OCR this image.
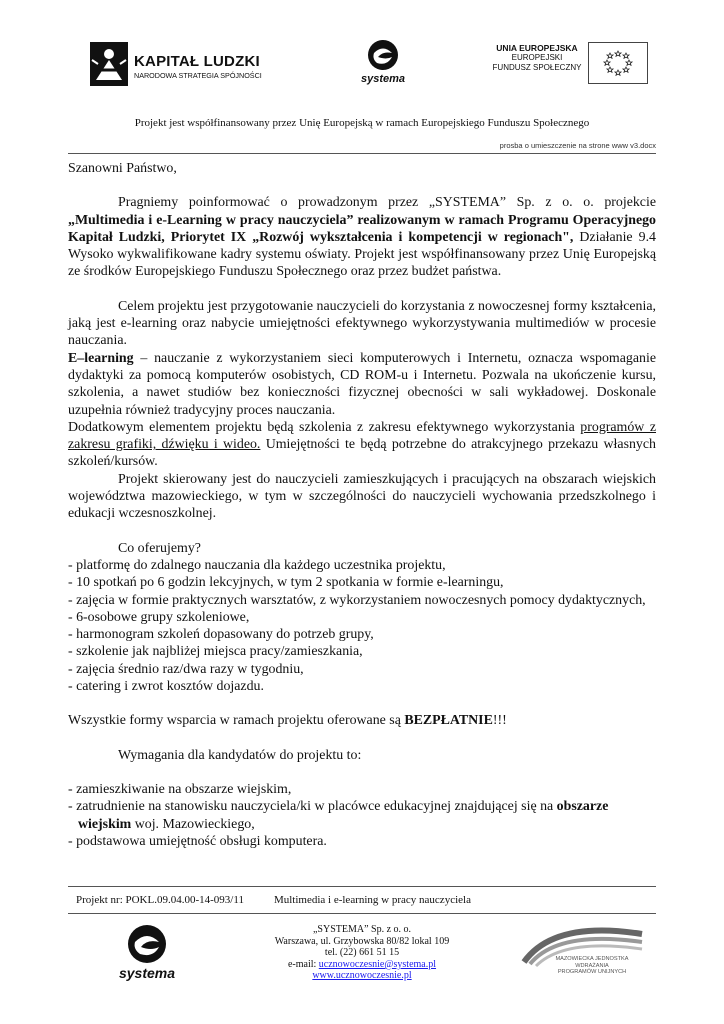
KAPITAŁ LUDZKI
NARODOWA STRATEGIA SPÓJNOŚCI	systema
UNIA EUROPEJSKA
EUROPEJSKI
FUNDUSZ SPOŁECZNY
Projekt jest współfinansowany przez Unię Europejską w ramach Europejskiego Funduszu Społecznego
prosba o umieszczenie na strone www v3.docx

Szanowni Państwo,

Pragniemy poinformować o prowadzonym przez „SYSTEMA” Sp. z o. o. projekcie „Multimedia i e-Learning w pracy nauczyciela” realizowanym w ramach Programu Operacyjnego Kapitał Ludzki, Priorytet IX „Rozwój wykształcenia i kompetencji w regionach", Działanie 9.4 Wysoko wykwalifikowane kadry systemu oświaty. Projekt jest współfinansowany przez Unię Europejską ze środków Europejskiego Funduszu Społecznego oraz przez budżet państwa.

Celem projektu jest przygotowanie nauczycieli do korzystania z nowoczesnej formy kształcenia, jaką jest e-learning oraz nabycie umiejętności efektywnego wykorzystywania multimediów w procesie nauczania.

E–learning – nauczanie z wykorzystaniem sieci komputerowych i Internetu, oznacza wspomaganie dydaktyki za pomocą komputerów osobistych, CD ROM-u i Internetu. Pozwala na ukończenie kursu, szkolenia, a nawet studiów bez konieczności fizycznej obecności w sali wykładowej. Doskonale uzupełnia również tradycyjny proces nauczania.

Dodatkowym elementem projektu będą szkolenia z zakresu efektywnego wykorzystania programów z zakresu grafiki, dźwięku i wideo. Umiejętności te będą potrzebne do atrakcyjnego przekazu własnych szkoleń/kursów.

Projekt skierowany jest do nauczycieli zamieszkujących i pracujących na obszarach wiejskich województwa mazowieckiego, w tym w szczególności do nauczycieli wychowania przedszkolnego i edukacji wczesnoszkolnej.

Co oferujemy?

- platformę do zdalnego nauczania dla każdego uczestnika projektu,

- 10 spotkań po 6 godzin lekcyjnych, w tym 2 spotkania w formie e-learningu,

- zajęcia w formie praktycznych warsztatów, z wykorzystaniem nowoczesnych pomocy dydaktycznych,

- 6-osobowe grupy szkoleniowe,

- harmonogram szkoleń dopasowany do potrzeb grupy,

- szkolenie jak najbliżej miejsca pracy/zamieszkania,

- zajęcia średnio raz/dwa razy w tygodniu,

- catering i zwrot kosztów dojazdu.

Wszystkie formy wsparcia w ramach projektu oferowane są BEZPŁATNIE!!!

Wymagania dla kandydatów do projektu to:

- zamieszkiwanie na obszarze wiejskim,

- zatrudnienie na stanowisku nauczyciela/ki w placówce edukacyjnej znajdującej się na obszarze wiejskim woj. Mazowieckiego,

- podstawowa umiejętność obsługi komputera.

Projekt nr: POKL.09.04.00-14-093/11	Multimedia i e-learning w pracy nauczyciela
systema
„SYSTEMA” Sp. z o. o.
Warszawa, ul. Grzybowska 80/82 lokal 109
tel. (22) 661 51 15
e-mail: ucznowoczesnie@systema.pl
www.ucznowoczesnie.pl
MAZOWIECKA JEDNOSTKA
WDRAŻANIA
PROGRAMÓW UNIJNYCH
